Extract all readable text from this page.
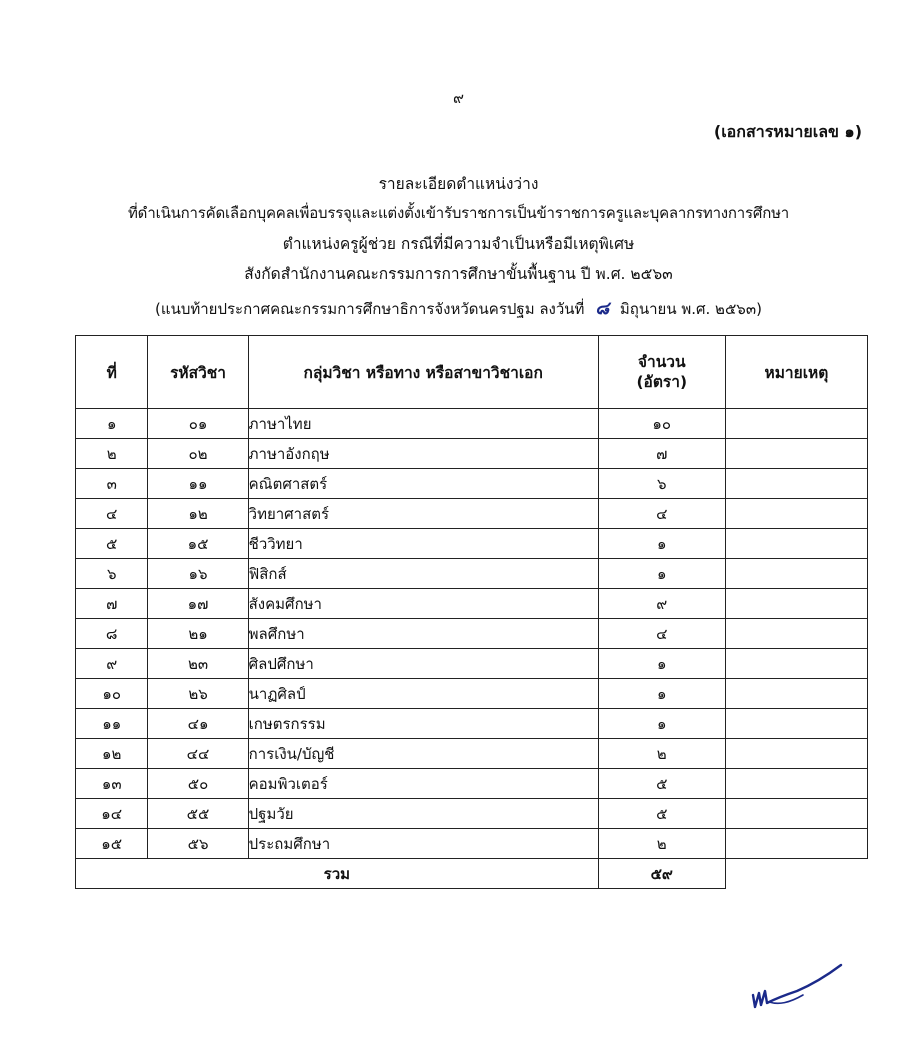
๙
(เอกสารหมายเลข ๑)
รายละเอียดตำแหน่งว่าง
ที่ดำเนินการคัดเลือกบุคคลเพื่อบรรจุและแต่งตั้งเข้ารับราชการเป็นข้าราชการครูและบุคลากรทางการศึกษา
ตำแหน่งครูผู้ช่วย กรณีที่มีความจำเป็นหรือมีเหตุพิเศษ
สังกัดสำนักงานคณะกรรมการการศึกษาขั้นพื้นฐาน ปี พ.ศ. ๒๕๖๓
(แนบท้ายประกาศคณะกรรมการศึกษาธิการจังหวัดนครปฐม ลงวันที่ ๘ มิถุนายน พ.ศ. ๒๕๖๓)
ที่	รหัสวิชา	กลุ่มวิชา หรือทาง หรือสาขาวิชาเอก	จำนวน
(อัตรา)	หมายเหตุ
๑	๐๑	ภาษาไทย	๑๐	
๒	๐๒	ภาษาอังกฤษ	๗	
๓	๑๑	คณิตศาสตร์	๖	
๔	๑๒	วิทยาศาสตร์	๔	
๕	๑๕	ชีววิทยา	๑	
๖	๑๖	ฟิสิกส์	๑	
๗	๑๗	สังคมศึกษา	๙	
๘	๒๑	พลศึกษา	๔	
๙	๒๓	ศิลปศึกษา	๑	
๑๐	๒๖	นาฏศิลป์	๑	
๑๑	๔๑	เกษตรกรรม	๑	
๑๒	๔๔	การเงิน/บัญชี	๒	
๑๓	๕๐	คอมพิวเตอร์	๕	
๑๔	๕๕	ปฐมวัย	๕	
๑๕	๕๖	ประถมศึกษา	๒	
รวม			๕๙	
